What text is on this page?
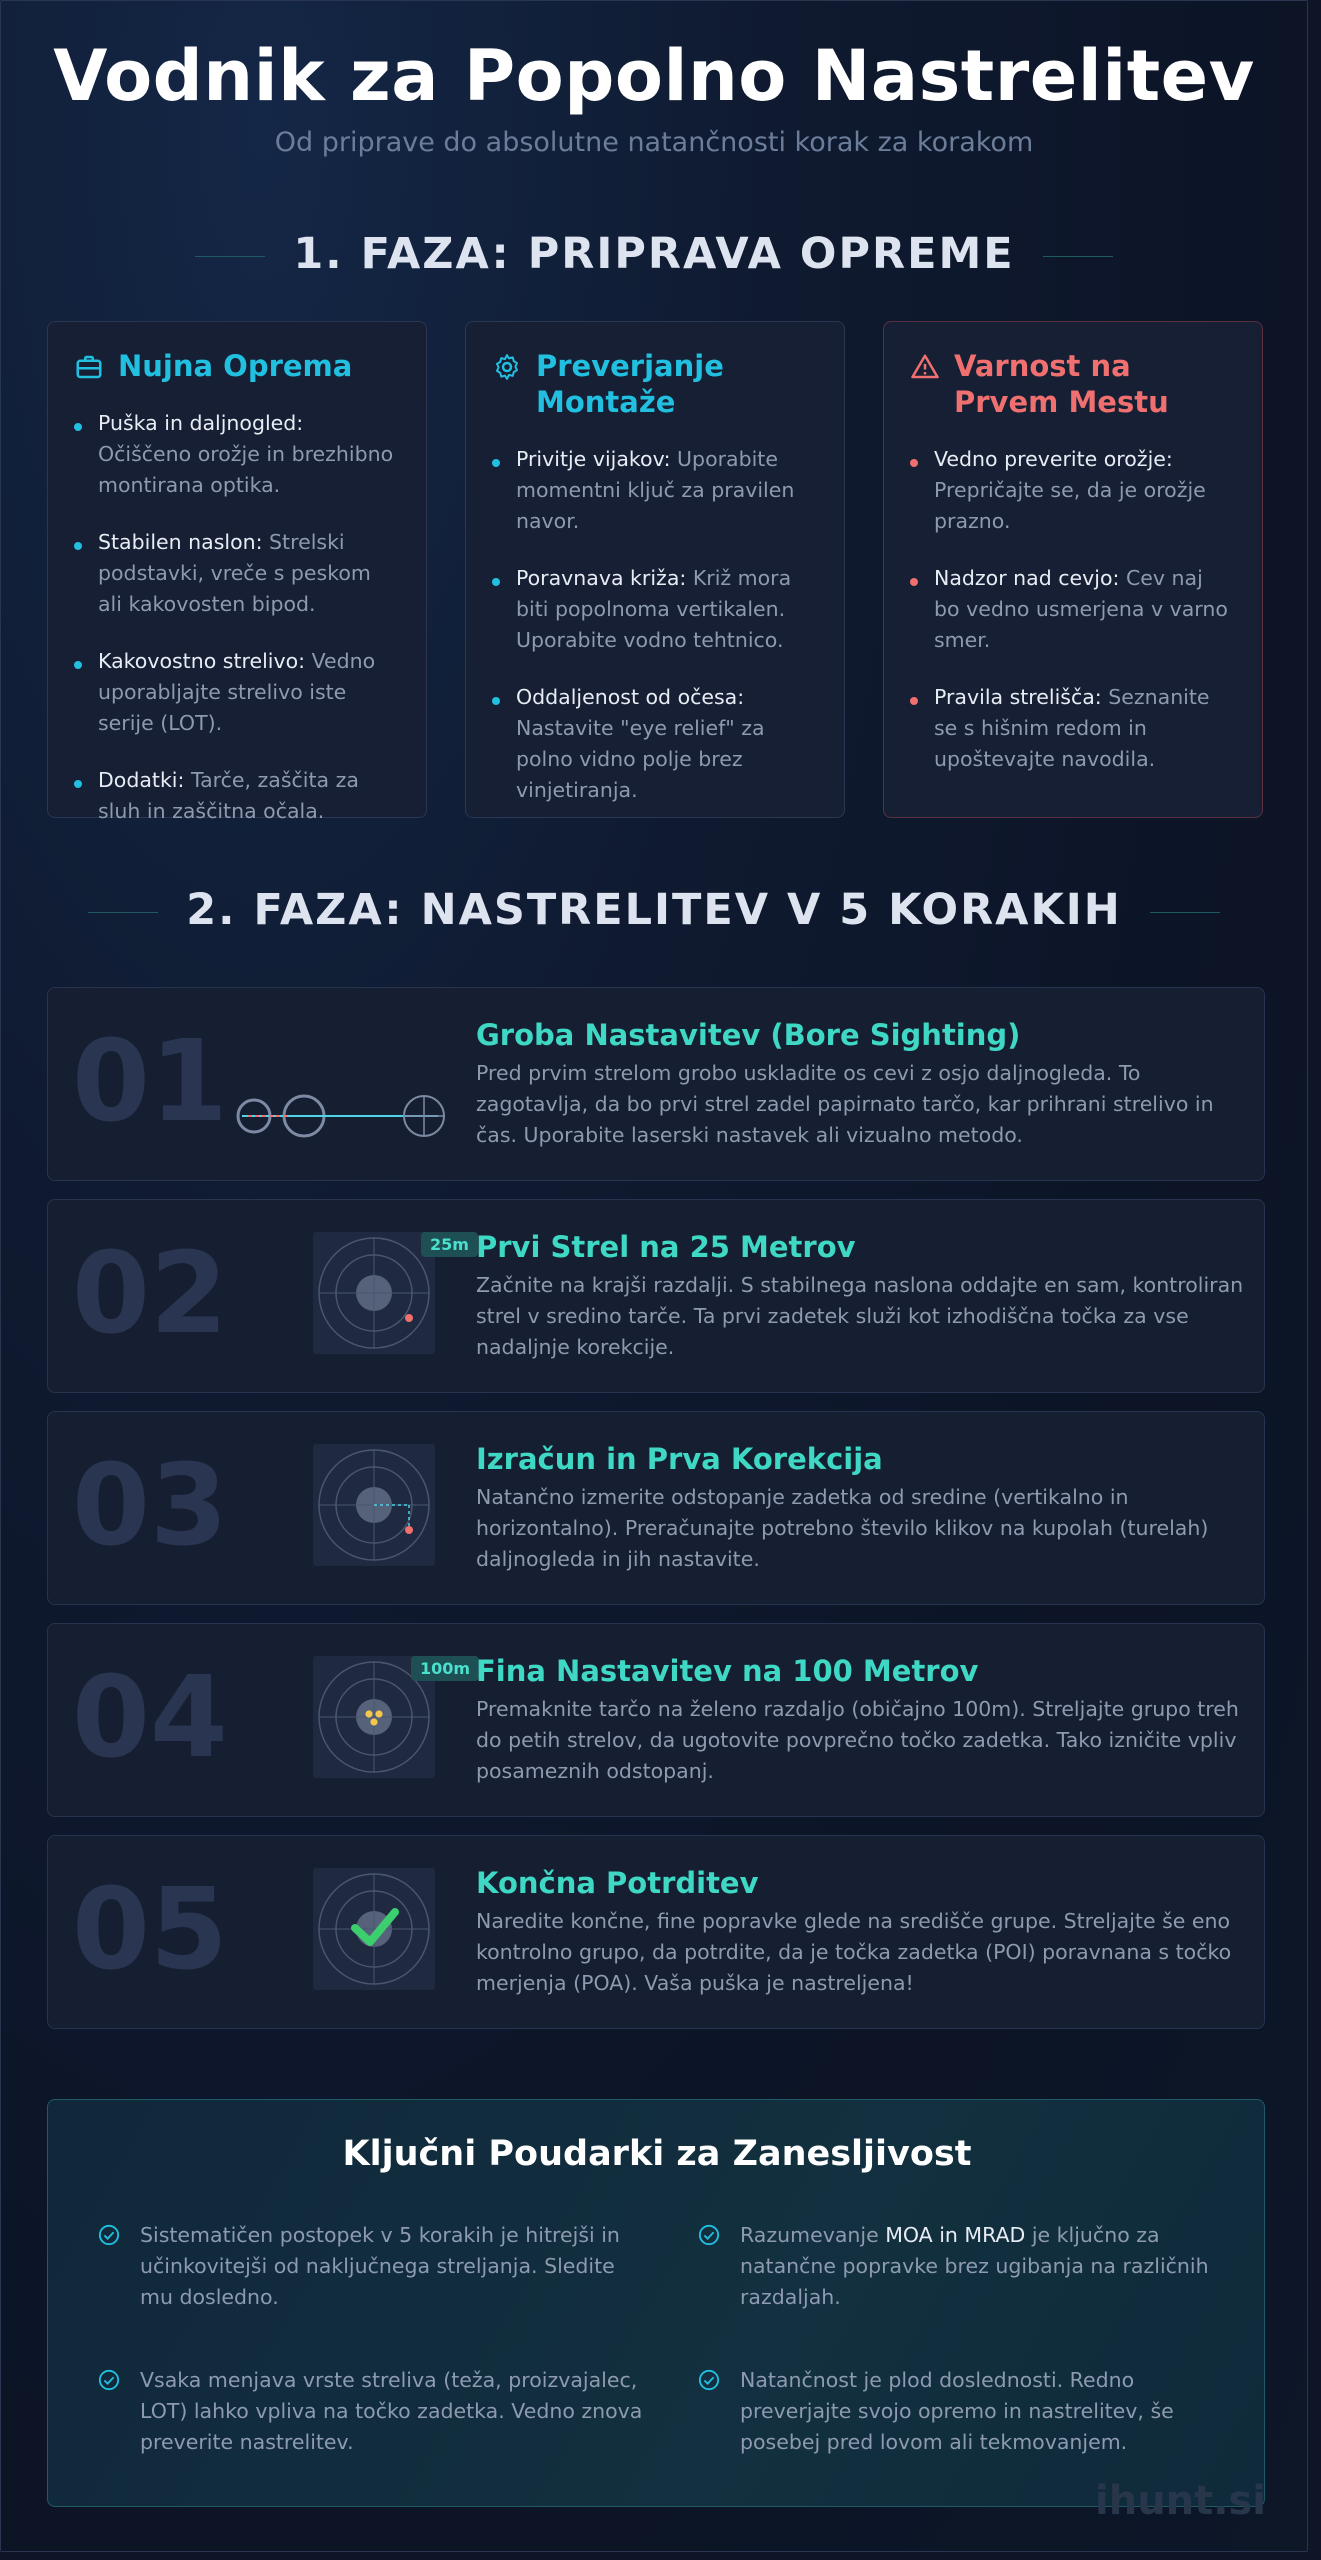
Vodnik za Popolno Nastrelitev
Od priprave do absolutne natančnosti korak za korakom
1. FAZA: PRIPRAVA OPREME
Nujna Oprema
Puška in daljnogled: Očiščeno orožje in brezhibno montirana optika.
Stabilen naslon: Strelski podstavki, vreče s peskom ali kakovosten bipod.
Kakovostno strelivo: Vedno uporabljajte strelivo iste serije (LOT).
Dodatki: Tarče, zaščita za sluh in zaščitna očala.
Preverjanje Montaže
Privitje vijakov: Uporabite momentni ključ za pravilen navor.
Poravnava križa: Križ mora biti popolnoma vertikalen. Uporabite vodno tehtnico.
Oddaljenost od očesa: Nastavite "eye relief" za polno vidno polje brez vinjetiranja.
Varnost na Prvem Mestu
Vedno preverite orožje: Prepričajte se, da je orožje prazno.
Nadzor nad cevjo: Cev naj bo vedno usmerjena v varno smer.
Pravila strelišča: Seznanite se s hišnim redom in upoštevajte navodila.
2. FAZA: NASTRELITEV V 5 KORAKIH
01	Groba Nastavitev (Bore Sighting)
Pred prvim strelom grobo uskladite os cevi z osjo daljnogleda. To zagotavlja, da bo prvi strel zadel papirnato tarčo, kar prihrani strelivo in čas. Uporabite laserski nastavek ali vizualno metodo.
02	25m Prvi Strel na 25 Metrov
Začnite na krajši razdalji. S stabilnega naslona oddajte en sam, kontroliran strel v sredino tarče. Ta prvi zadetek služi kot izhodiščna točka za vse nadaljnje korekcije.
03	Izračun in Prva Korekcija
Natančno izmerite odstopanje zadetka od sredine (vertikalno in horizontalno). Preračunajte potrebno število klikov na kupolah (turelah) daljnogleda in jih nastavite.
04	100m Fina Nastavitev na 100 Metrov
Premaknite tarčo na želeno razdaljo (običajno 100m). Streljajte grupo treh do petih strelov, da ugotovite povprečno točko zadetka. Tako izničite vpliv posameznih odstopanj.
05	Končna Potrditev
Naredite končne, fine popravke glede na središče grupe. Streljajte še eno kontrolno grupo, da potrdite, da je točka zadetka (POI) poravnana s točko merjenja (POA). Vaša puška je nastreljena!
Ključni Poudarki za Zanesljivost
Sistematičen postopek v 5 korakih je hitrejši in učinkovitejši od naključnega streljanja. Sledite mu dosledno.
Razumevanje MOA in MRAD je ključno za natančne popravke brez ugibanja na različnih razdaljah.
Vsaka menjava vrste streliva (teža, proizvajalec, LOT) lahko vpliva na točko zadetka. Vedno znova preverite nastrelitev.
Natančnost je plod doslednosti. Redno preverjajte svojo opremo in nastrelitev, še posebej pred lovom ali tekmovanjem.
ihunt.si
